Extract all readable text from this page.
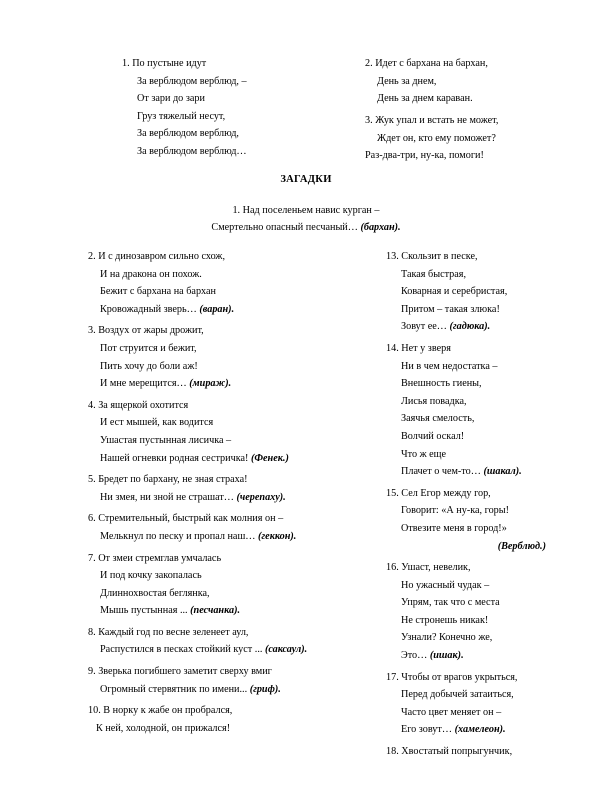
1. По пустыне идут
За верблюдом верблюд, –
От зари до зари
Груз тяжелый несут,
За верблюдом верблюд,
За верблюдом верблюд…
2. Идет с бархана на бархан,
День за днем,
День за днем караван.
3. Жук упал и встать не может,
Ждет он, кто ему поможет?
Раз-два-три, ну-ка, помоги!
ЗАГАДКИ
1. Над поселеньем навис курган –
Смертельно опасный песчаный… (бархан).
2. И с динозавром сильно схож,
И на дракона он похож.
Бежит с бархана на бархан
Кровожадный зверь… (варан).
3. Воздух от жары дрожит,
Пот струится и бежит,
Пить хочу до боли аж!
И мне мерещится… (мираж).
4. За ящеркой охотится
И ест мышей, как водится
Ушастая пустынная лисичка –
Нашей огневки родная сестричка! (Фенек.)
5. Бредет по бархану, не зная страха!
Ни змея, ни зной не страшат… (черепаху).
6. Стремительный, быстрый как молния он –
Мелькнул по песку и пропал наш… (геккон).
7. От змеи стремглав умчалась
И под кочку закопалась
Длиннохвостая беглянка,
Мышь пустынная ... (песчанка).
8. Каждый год по весне зеленеет аул,
Распустился в песках стойкий куст ... (саксаул).
9. Зверька погибшего заметит сверху вмиг
Огромный стервятник по имени... (гриф).
10. В норку к жабе он пробрался,
К ней, холодной, он прижался!
13. Скользит в песке,
Такая быстрая,
Коварная и серебристая,
Притом – такая злюка!
Зовут ее… (гадюка).
14. Нет у зверя
Ни в чем недостатка –
Внешность гиены,
Лисья повадка,
Заячья смелость,
Волчий оскал!
Что ж еще
Плачет о чем-то… (шакал).
15. Сел Егор между гор,
Говорит: «А ну-ка, горы!
Отвезите меня в город!»
(Верблюд.)
16. Ушаст, невелик,
Но ужасный чудак –
Упрям, так что с места
Не стронешь никак!
Узнали? Конечно же,
Это… (ишак).
17. Чтобы от врагов укрыться,
Перед добычей затаиться,
Часто цвет меняет он –
Его зовут… (хамелеон).
18. Хвостатый попрыгунчик,
